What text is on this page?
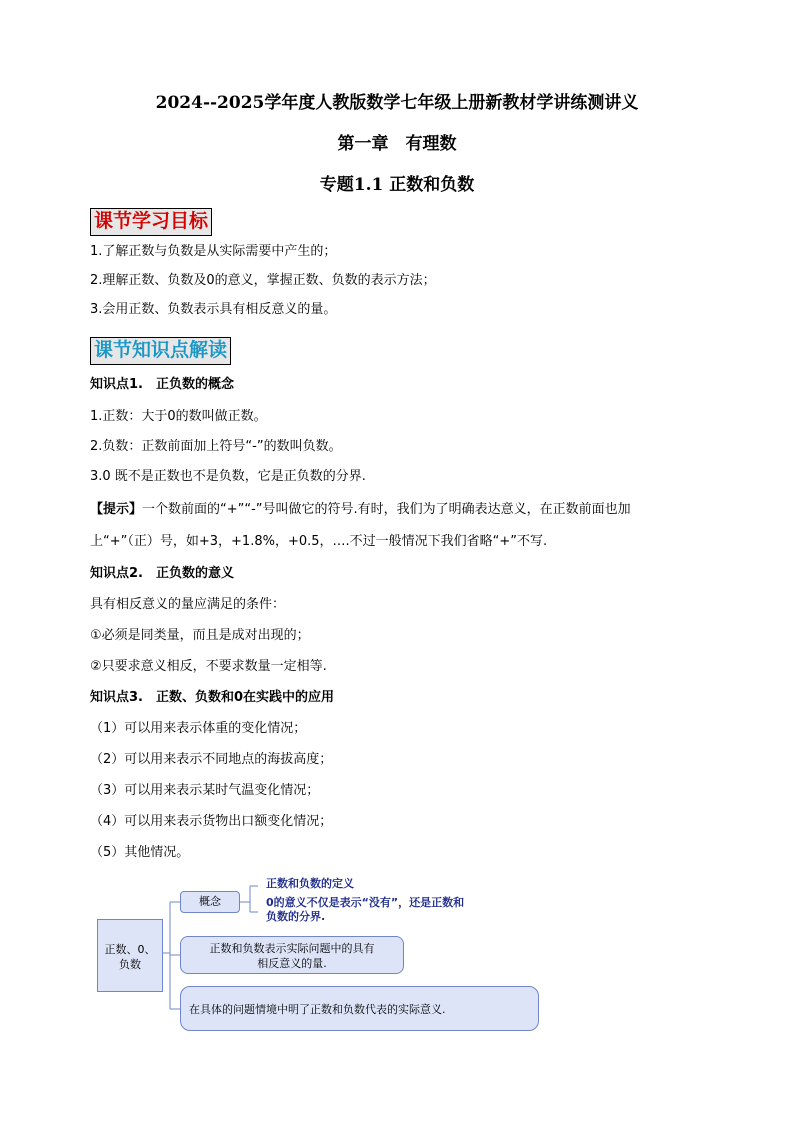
2024--2025学年度人教版数学七年级上册新教材学讲练测讲义
第一章　有理数
专题1.1 正数和负数
课节学习目标
1.了解正数与负数是从实际需要中产生的；
2.理解正数、负数及0的意义，掌握正数、负数的表示方法；
3.会用正数、负数表示具有相反意义的量。
课节知识点解读
知识点1.　正负数的概念
1.正数：大于0的数叫做正数。
2.负数：正数前面加上符号“-”的数叫负数。
3.0 既不是正数也不是负数，它是正负数的分界.
【提示】一个数前面的“+”“-”号叫做它的符号.有时，我们为了明确表达意义，在正数前面也加
上“+”（正）号，如+3，+1.8%，+0.5，….不过一般情况下我们省略“+”不写.
知识点2.　正负数的意义
具有相反意义的量应满足的条件：
①必须是同类量，而且是成对出现的；
②只要求意义相反，不要求数量一定相等.
知识点3.　正数、负数和0在实践中的应用
（1）可以用来表示体重的变化情况；
（2）可以用来表示不同地点的海拔高度；
（3）可以用来表示某时气温变化情况；
（4）可以用来表示货物出口额变化情况；
（5）其他情况。
正数、0、
负数
概念
正数和负数的定义
0的意义不仅是表示“没有”，还是正数和
负数的分界.
正数和负数表示实际问题中的具有
相反意义的量.
在具体的问题情境中明了正数和负数代表的实际意义.
